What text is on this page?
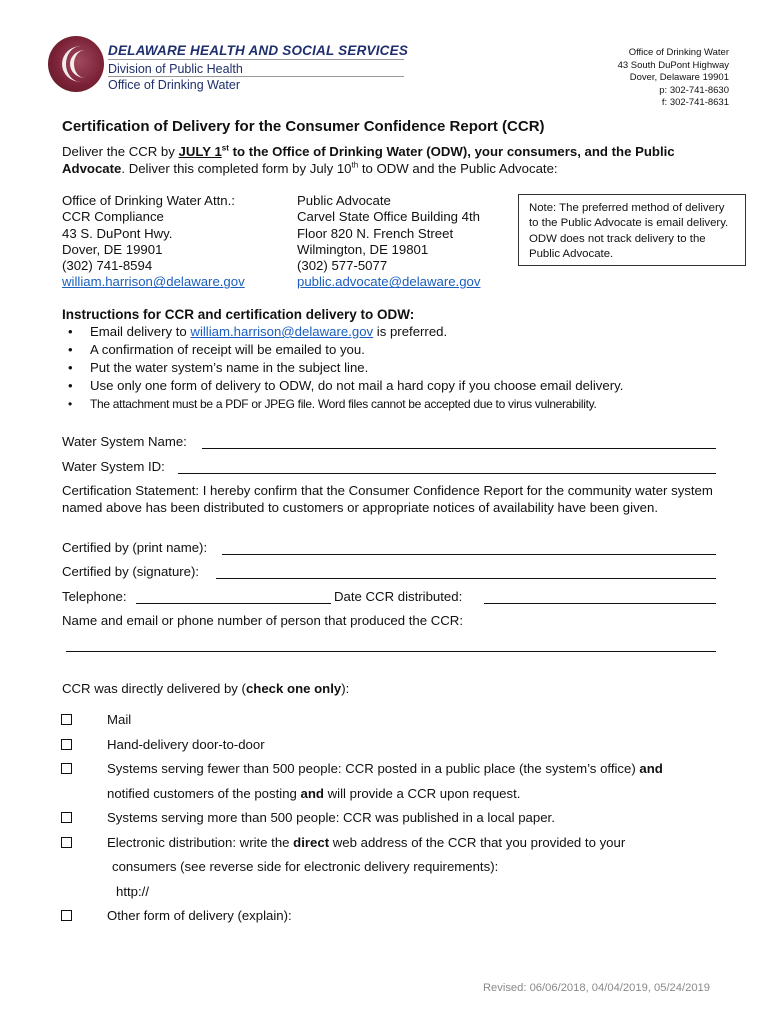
DELAWARE HEALTH AND SOCIAL SERVICES
Division of Public Health
Office of Drinking Water
Office of Drinking Water
43 South DuPont Highway
Dover, Delaware 19901
p: 302-741-8630
f: 302-741-8631
Certification of Delivery for the Consumer Confidence Report (CCR)
Deliver the CCR by JULY 1st to the Office of Drinking Water (ODW), your consumers, and the Public Advocate. Deliver this completed form by July 10th to ODW and the Public Advocate:
Office of Drinking Water Attn.:
CCR Compliance
43 S. DuPont Hwy.
Dover, DE 19901
(302) 741-8594
william.harrison@delaware.gov
Public Advocate
Carvel State Office Building 4th
Floor 820 N. French Street
Wilmington, DE 19801
(302) 577-5077
public.advocate@delaware.gov
Note: The preferred method of delivery to the Public Advocate is email delivery. ODW does not track delivery to the Public Advocate.
Instructions for CCR and certification delivery to ODW:
• Email delivery to william.harrison@delaware.gov is preferred.
• A confirmation of receipt will be emailed to you.
• Put the water system’s name in the subject line.
• Use only one form of delivery to ODW, do not mail a hard copy if you choose email delivery.
• The attachment must be a PDF or JPEG file. Word files cannot be accepted due to virus vulnerability.
Water System Name:
Water System ID:
Certification Statement: I hereby confirm that the Consumer Confidence Report for the community water system named above has been distributed to customers or appropriate notices of availability have been given.
Certified by (print name):
Certified by (signature):
Telephone:	Date CCR distributed:
Name and email or phone number of person that produced the CCR:
CCR was directly delivered by (check one only):
Mail
Hand-delivery door-to-door
Systems serving fewer than 500 people: CCR posted in a public place (the system’s office) and
notified customers of the posting and will provide a CCR upon request.
Systems serving more than 500 people: CCR was published in a local paper.
Electronic distribution: write the direct web address of the CCR that you provided to your
consumers (see reverse side for electronic delivery requirements):
http://
Other form of delivery (explain):
Revised: 06/06/2018, 04/04/2019, 05/24/2019
